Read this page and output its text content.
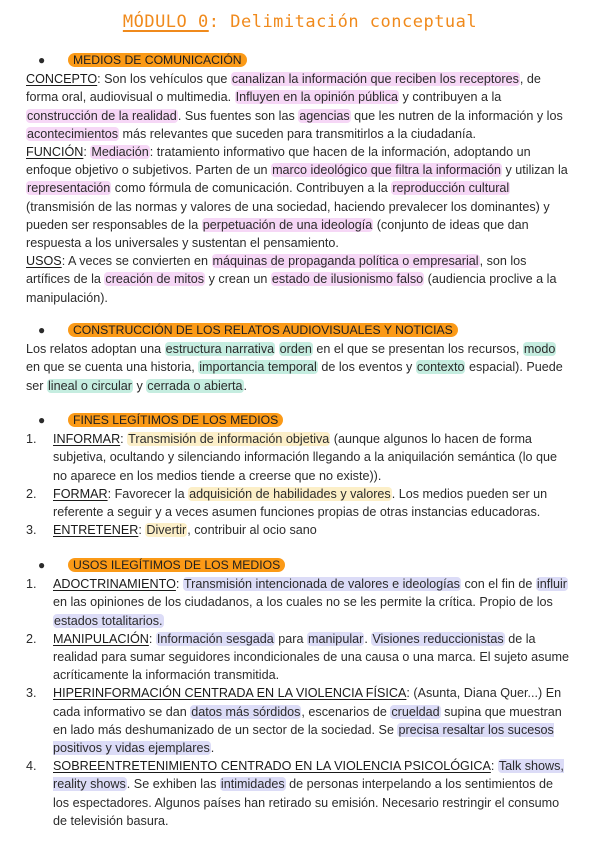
MÓDULO 0: Delimitación conceptual
● MEDIOS DE COMUNICACIÓN

CONCEPTO: Son los vehículos que canalizan la información que reciben los receptores, de forma oral, audiovisual o multimedia. Influyen en la opinión pública y contribuyen a la construcción de la realidad. Sus fuentes son las agencias que les nutren de la información y los acontecimientos más relevantes que suceden para transmitirlos a la ciudadanía.

FUNCIÓN: Mediación: tratamiento informativo que hacen de la información, adoptando un enfoque objetivo o subjetivos. Parten de un marco ideológico que filtra la información y utilizan la representación como fórmula de comunicación. Contribuyen a la reproducción cultural (transmisión de las normas y valores de una sociedad, haciendo prevalecer los dominantes) y pueden ser responsables de la perpetuación de una ideología (conjunto de ideas que dan respuesta a los universales y sustentan el pensamiento.

USOS: A veces se convierten en máquinas de propaganda política o empresarial, son los artífices de la creación de mitos y crean un estado de ilusionismo falso (audiencia proclive a la manipulación).

● CONSTRUCCIÓN DE LOS RELATOS AUDIOVISUALES Y NOTICIAS

Los relatos adoptan una estructura narrativa orden en el que se presentan los recursos, modo en que se cuenta una historia, importancia temporal de los eventos y contexto espacial). Puede ser lineal o circular y cerrada o abierta.

● FINES LEGÍTIMOS DE LOS MEDIOS
1. INFORMAR: Transmisión de información objetiva (aunque algunos lo hacen de forma subjetiva, ocultando y silenciando información llegando a la aniquilación semántica (lo que no aparece en los medios tiende a creerse que no existe)).
2. FORMAR: Favorecer la adquisición de habilidades y valores. Los medios pueden ser un referente a seguir y a veces asumen funciones propias de otras instancias educadoras.
3. ENTRETENER: Divertir, contribuir al ocio sano
● USOS ILEGÍTIMOS DE LOS MEDIOS
1. ADOCTRINAMIENTO: Transmisión intencionada de valores e ideologías con el fin de influir en las opiniones de los ciudadanos, a los cuales no se les permite la crítica. Propio de los estados totalitarios.
2. MANIPULACIÓN: Información sesgada para manipular. Visiones reduccionistas de la realidad para sumar seguidores incondicionales de una causa o una marca. El sujeto asume acríticamente la información transmitida.
3. HIPERINFORMACIÓN CENTRADA EN LA VIOLENCIA FÍSICA: (Asunta, Diana Quer...) En cada informativo se dan datos más sórdidos, escenarios de crueldad supina que muestran en lado más deshumanizado de un sector de la sociedad. Se precisa resaltar los sucesos positivos y vidas ejemplares.
4. SOBREENTRETENIMIENTO CENTRADO EN LA VIOLENCIA PSICOLÓGICA: Talk shows, reality shows. Se exhiben las intimidades de personas interpelando a los sentimientos de los espectadores. Algunos países han retirado su emisión. Necesario restringir el consumo de televisión basura.
